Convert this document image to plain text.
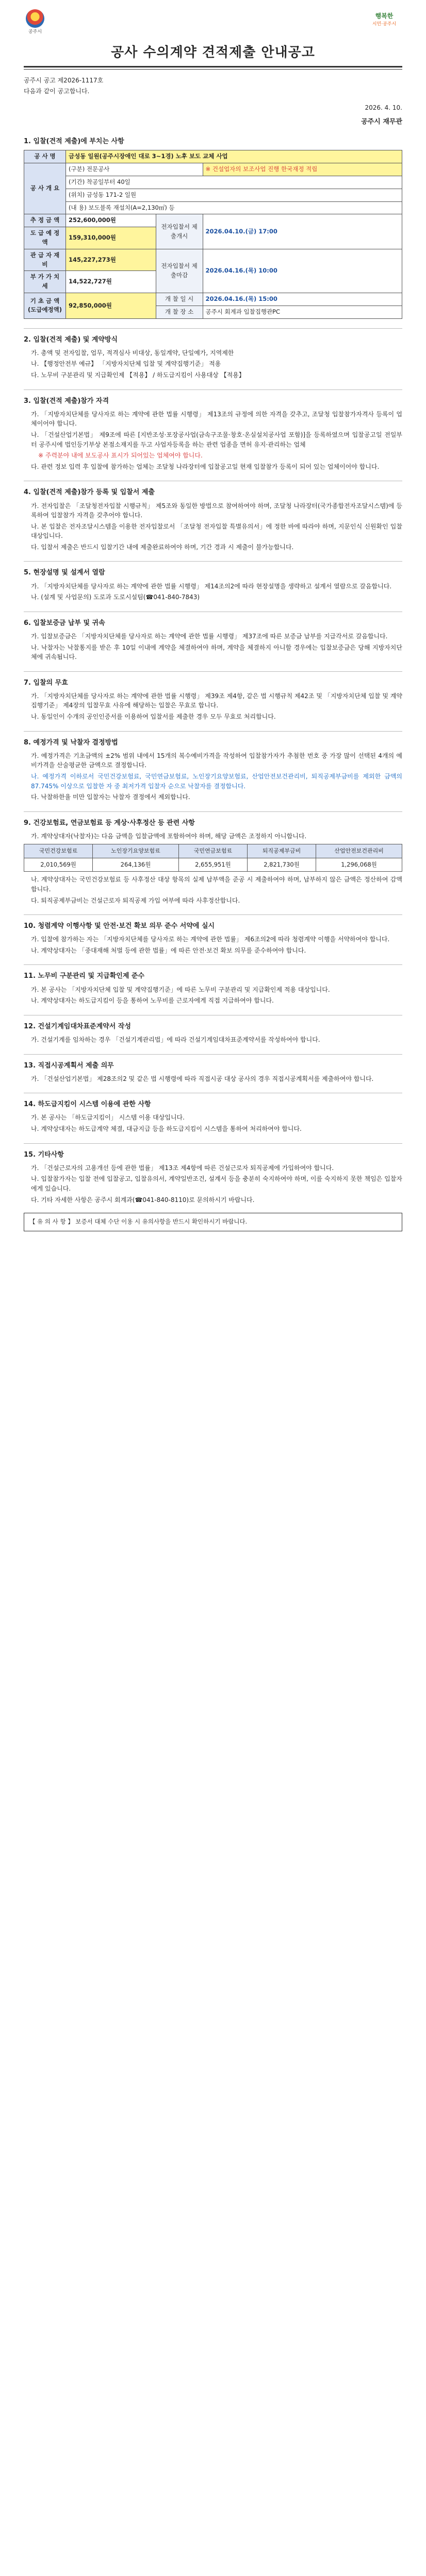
공주시
행복한
시민·공주시
공사 수의계약 견적제출 안내공고

공주시 공고 제2026-1117호

다음과 같이 공고합니다.

2026. 4. 10.
공주시 재무관
1. 입찰(견적 제출)에 부치는 사항
공 사 명	금성동 일원(공주시장애인 대로 3~1경) 노후 보도 교체 사업		
공 사 개 요	(구분) 전문공사		※ 건설업자의 보조사업 진행 한국재정 적립
	(기간) 착공일부터 40일		
	(위치) 금성동 171-2 일원		
	(내 용) 보도블록 재설치(A=2,130㎡) 등		
추 정 금 액	252,600,000원	전자입찰서 제출개시	2026.04.10.(금) 17:00
도 급 예 정 액	159,310,000원		
관 급 자 재 비	145,227,273원	전자입찰서 제출마감	2026.04.16.(목) 10:00
부 가 가 치 세	14,522,727원		
기 초 금 액 (도급예정액)	92,850,000원	개 찰 일 시	2026.04.16.(목) 15:00
		개 찰 장 소	공주시 회계과 입찰집행관PC
2. 입찰(견적 제출) 및 계약방식
가. 총액 및 전자입찰, 업무, 적격심사 비대상, 동일계약, 단일예가, 지역제한
나. 【행정안전부 예규】 「지방자치단체 입찰 및 계약집행기준」 적용
다. 노무비 구분관리 및 지급확인제 【적용】 / 하도급지킴이 사용대상 【적용】
3. 입찰(견적 제출)참가 자격
가. 「지방자치단체를 당사자로 하는 계약에 관한 법률 시행령」 제13조의 규정에 의한 자격을 갖추고, 조달청 입찰참가자격사 등록이 업체이어야 합니다.
나. 「건설산업기본법」 제9조에 따른 [지반조성·포장공사업(금속구조물·창호·온실설치공사업 포함)]을 등록하였으며 입찰공고일 전일부터 공주시에 법인등기부상 본점소재지를 두고 사업자등록을 하는 관련 업종을 면허 유지·관리하는 업체
※ 주력분야 내에 보도공사 표시가 되어있는 업체여야 합니다.
다. 관련 정보 입력 후 입찰에 참가하는 업체는 조달청 나라장터에 입찰공고일 현재 입찰참가 등록이 되어 있는 업체이어야 합니다.
4. 입찰(견적 제출)참가 등록 및 입찰서 제출
가. 전자입찰은 「조달청전자입찰 시행규칙」 제5조와 동일한 방법으로 참여하여야 하며, 조달청 나라장터(국가종합전자조달시스템)에 등록하여 입찰참가 자격을 갖추어야 합니다.
나. 본 입찰은 전자조달시스템을 이용한 전자입찰로서 「조달청 전자입찰 특별유의서」에 정한 바에 따라야 하며, 지문인식 신원확인 입찰 대상입니다.
다. 입찰서 제출은 반드시 입찰기간 내에 제출완료하여야 하며, 기간 경과 시 제출이 불가능합니다.
5. 현장설명 및 설계서 열람
가. 「지방자치단체를 당사자로 하는 계약에 관한 법률 시행령」 제14조의2에 따라 현장설명을 생략하고 설계서 열람으로 갈음합니다.
나. (설계 및 사업문의) 도로과 도로시설팀(☎041-840-7843)
6. 입찰보증금 납부 및 귀속
가. 입찰보증금은 「지방자치단체를 당사자로 하는 계약에 관한 법률 시행령」 제37조에 따른 보증금 납부를 지급각서로 갈음합니다.
나. 낙찰자는 낙찰통지를 받은 후 10일 이내에 계약을 체결하여야 하며, 계약을 체결하지 아니할 경우에는 입찰보증금은 당해 지방자치단체에 귀속됩니다.
7. 입찰의 무효
가. 「지방자치단체를 당사자로 하는 계약에 관한 법률 시행령」 제39조 제4항, 같은 법 시행규칙 제42조 및 「지방자치단체 입찰 및 계약집행기준」 제4장의 입찰무효 사유에 해당하는 입찰은 무효로 합니다.
나. 동일인이 수개의 공인인증서를 이용하여 입찰서를 제출한 경우 모두 무효로 처리합니다.
8. 예정가격 및 낙찰자 결정방법
가. 예정가격은 기초금액의 ±2% 범위 내에서 15개의 복수예비가격을 작성하여 입찰참가자가 추첨한 번호 중 가장 많이 선택된 4개의 예비가격을 산술평균한 금액으로 결정합니다.
나. 예정가격 이하로서 국민건강보험료, 국민연금보험료, 노인장기요양보험료, 산업안전보건관리비, 퇴직공제부금비를 제외한 금액의 87.745% 이상으로 입찰한 자 중 최저가격 입찰자 순으로 낙찰자를 결정합니다.
다. 낙찰하한율 미만 입찰자는 낙찰자 결정에서 제외합니다.
9. 건강보험료, 연금보험료 등 계상·사후정산 등 관련 사항
가. 계약상대자(낙찰자)는 다음 금액을 입찰금액에 포함하여야 하며, 해당 금액은 조정하지 아니합니다.
국민건강보험료	노인장기요양보험료	국민연금보험료	퇴직공제부금비	산업안전보건관리비
2,010,569원	264,136원	2,655,951원	2,821,730원	1,296,068원
나. 계약상대자는 국민건강보험료 등 사후정산 대상 항목의 실제 납부액을 준공 시 제출하여야 하며, 납부하지 않은 금액은 정산하여 감액합니다.
다. 퇴직공제부금비는 건설근로자 퇴직공제 가입 여부에 따라 사후정산합니다.
10. 청렴계약 이행사항 및 안전·보건 확보 의무 준수 서약에 실시
가. 입찰에 참가하는 자는 「지방자치단체를 당사자로 하는 계약에 관한 법률」 제6조의2에 따라 청렴계약 이행을 서약하여야 합니다.
나. 계약상대자는 「중대재해 처벌 등에 관한 법률」에 따른 안전·보건 확보 의무를 준수하여야 합니다.
11. 노무비 구분관리 및 지급확인제 준수
가. 본 공사는 「지방자치단체 입찰 및 계약집행기준」에 따른 노무비 구분관리 및 지급확인제 적용 대상입니다.
나. 계약상대자는 하도급지킴이 등을 통하여 노무비를 근로자에게 직접 지급하여야 합니다.
12. 건설기계임대차표준계약서 작성
가. 건설기계를 임차하는 경우 「건설기계관리법」에 따라 건설기계임대차표준계약서를 작성하여야 합니다.
13. 직접시공계획서 제출 의무
가. 「건설산업기본법」 제28조의2 및 같은 법 시행령에 따라 직접시공 대상 공사의 경우 직접시공계획서를 제출하여야 합니다.
14. 하도급지킴이 시스템 이용에 관한 사항
가. 본 공사는 「하도급지킴이」 시스템 이용 대상입니다.
나. 계약상대자는 하도급계약 체결, 대금지급 등을 하도급지킴이 시스템을 통하여 처리하여야 합니다.
15. 기타사항
가. 「건설근로자의 고용개선 등에 관한 법률」 제13조 제4항에 따른 건설근로자 퇴직공제에 가입하여야 합니다.
나. 입찰참가자는 입찰 전에 입찰공고, 입찰유의서, 계약일반조건, 설계서 등을 충분히 숙지하여야 하며, 이를 숙지하지 못한 책임은 입찰자에게 있습니다.
다. 기타 자세한 사항은 공주시 회계과(☎041-840-8110)로 문의하시기 바랍니다.
【 유 의 사 항 】 보증서 대체 수단 이용 시 유의사항을 반드시 확인하시기 바랍니다.
